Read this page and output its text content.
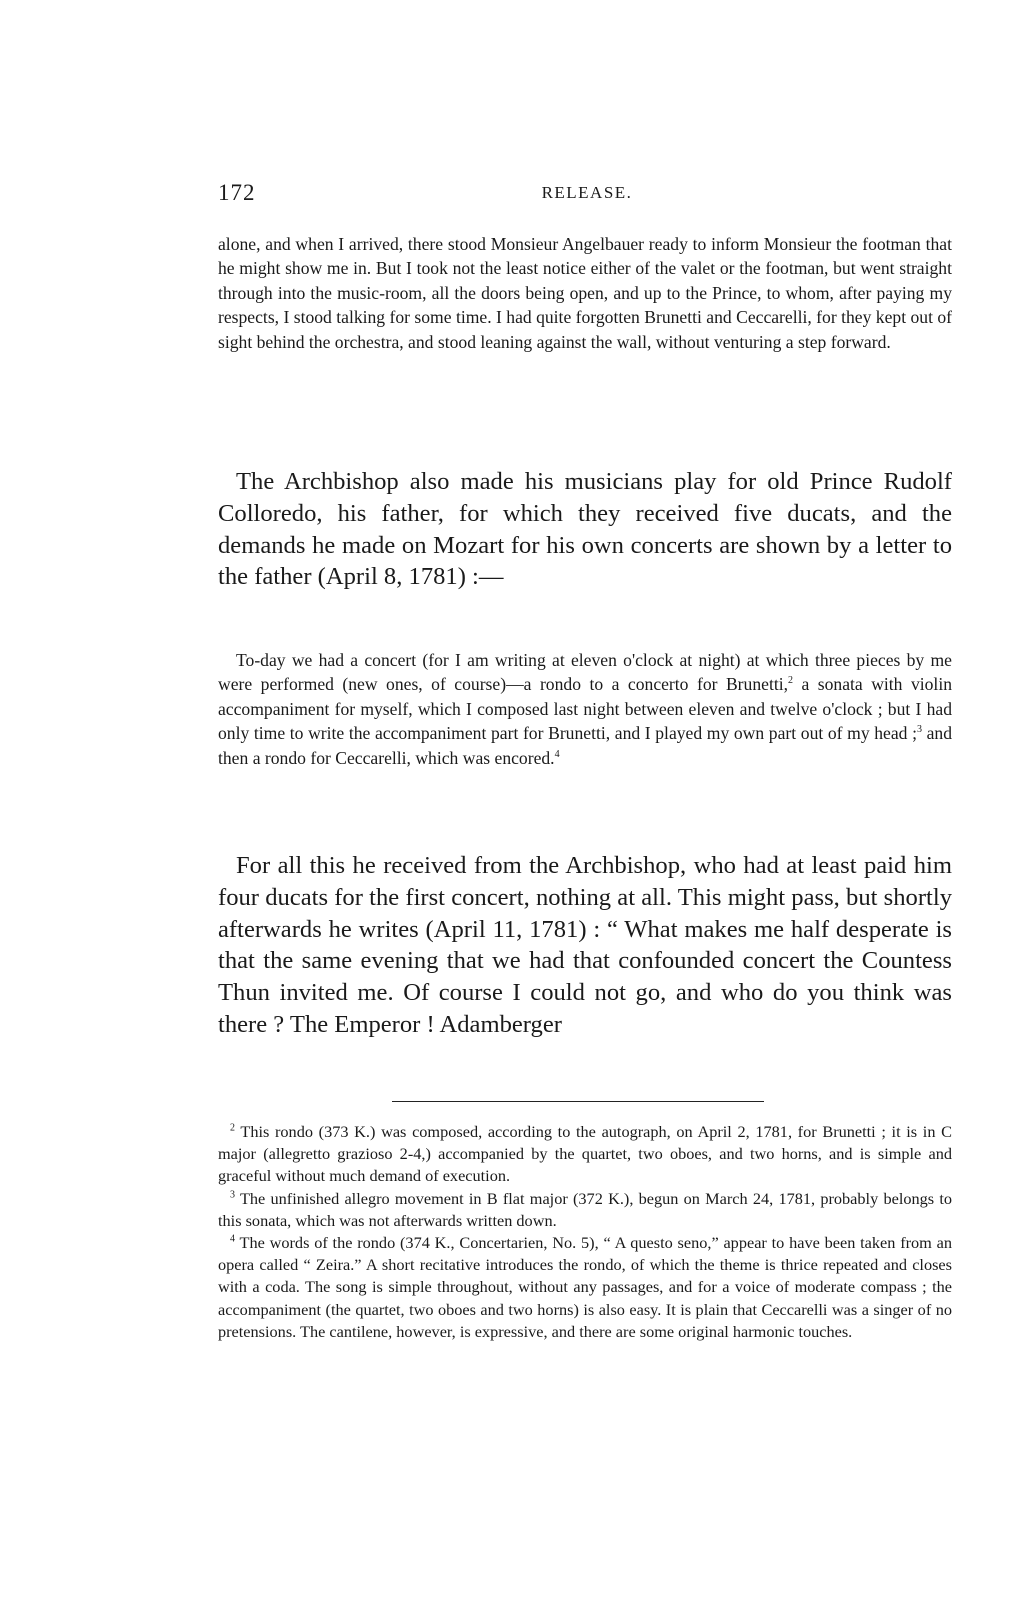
172	RELEASE.

alone, and when I arrived, there stood Monsieur Angelbauer ready to inform Monsieur the footman that he might show me in. But I took not the least notice either of the valet or the footman, but went straight through into the music-room, all the doors being open, and up to the Prince, to whom, after paying my respects, I stood talking for some time. I had quite forgotten Brunetti and Ceccarelli, for they kept out of sight behind the orchestra, and stood leaning against the wall, without venturing a step forward.

The Archbishop also made his musicians play for old Prince Rudolf Colloredo, his father, for which they received five ducats, and the demands he made on Mozart for his own concerts are shown by a letter to the father (April 8, 1781) :—

To-day we had a concert (for I am writing at eleven o'clock at night) at which three pieces by me were performed (new ones, of course)—a rondo to a concerto for Brunetti,$^2$ a sonata with violin accompaniment for myself, which I composed last night between eleven and twelve o'clock ; but I had only time to write the accompaniment part for Brunetti, and I played my own part out of my head ;$^3$ and then a rondo for Ceccarelli, which was encored.$^4$

For all this he received from the Archbishop, who had at least paid him four ducats for the first concert, nothing at all. This might pass, but shortly afterwards he writes (April 11, 1781) : “ What makes me half desperate is that the same evening that we had that confounded concert the Countess Thun invited me. Of course I could not go, and who do you think was there ? The Emperor ! Adamberger

$^2$ This rondo (373 K.) was composed, according to the autograph, on April 2, 1781, for Brunetti ; it is in C major (allegretto grazioso 2-4,) accompanied by the quartet, two oboes, and two horns, and is simple and graceful without much demand of execution.

$^3$ The unfinished allegro movement in B flat major (372 K.), begun on March 24, 1781, probably belongs to this sonata, which was not afterwards written down.

$^4$ The words of the rondo (374 K., Concertarien, No. 5), “ A questo seno,” appear to have been taken from an opera called “ Zeira.” A short recitative introduces the rondo, of which the theme is thrice repeated and closes with a coda. The song is simple throughout, without any passages, and for a voice of moderate compass ; the accompaniment (the quartet, two oboes and two horns) is also easy. It is plain that Ceccarelli was a singer of no pretensions. The cantilene, however, is expressive, and there are some original harmonic touches.
